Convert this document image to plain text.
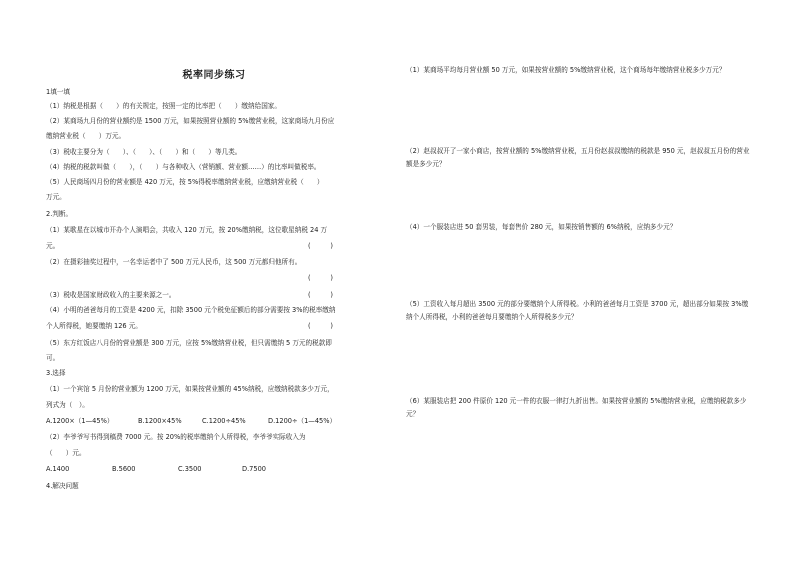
税率同步练习
1填一填
（1）纳税是根据（　　）的有关规定，按照一定的比率把（　　）缴纳给国家。
（2）某商场九月份的营业额约是 1500 万元，如果按照营业额的 5%缴营业税，这家商场九月份应
缴纳营业税（　　）万元。
（3）税收主要分为（　　）、（　　）、（　　）和（　　）等几类。
（4）纳税的税款叫做（　　），（　　）与各种收入（营销额、营业额……）的比率叫做税率。
（5）人民商场四月份的营业额是 420 万元，按 5%得税率缴纳营业税，应缴纳营业税（　　）
万元。
2.判断。
（1）某歌星在以城市开办个人演唱会，共收入 120 万元，按 20%缴纳税，这位歌星纳税 24 万
元。	(　　　)
（2）在摄彩抽奖过程中，一名幸运者中了 500 万元人民币，这 500 万元都归他所有。
(　　　)
（3）税收是国家财政收入的主要来源之一。	(　　　)
（4）小明的爸爸每月的工资是 4200 元，扣除 3500 元个税免征额后的部分需要按 3%的税率缴纳
个人所得税，她要缴纳 126 元。	(　　　)
（5）东方红饭店八月份的营业额是 300 万元，应按 5%缴纳营业税，但只需缴纳 5 万元的税款即
可。
3.选择
（1）一个宾馆 5 月份的营业额为 1200 万元，如果按营业额的 45%纳税，应缴纳税款多少万元，
列式为（　）。
A.1200×（1—45%）	B.1200×45%	C.1200÷45%	D.1200÷（1—45%）
（2）李爷爷写书得到稿费 7000 元。按 20%的税率缴纳个人所得税，李爷爷实际收入为
（　　）元。
A.1400	B.5600	C.3500	D.7500
4.解决问题
（1）某商场平均每月营业额 50 万元，如果按营业额的 5%缴纳营业税，这个商场每年缴纳营业税多少万元？
（2）赵叔叔开了一家小商店，按营业额的 5%缴纳营业税，五月份赵叔叔缴纳的税款是 950 元，赵叔叔五月份的营业额是多少元？
（4）一个服装店进 50 套男装，每套售价 280 元，如果按销售额的 6%纳税，应纳多少元？
（5）工资收入每月超出 3500 元的部分要缴纳个人所得税。小利的爸爸每月工资是 3700 元，超出部分如果按 3%缴纳个人所得税，小利的爸爸每月要缴纳个人所得税多少元？
（6）某服装店把 200 件原价 120 元一件的衣服一律打九折出售。如果按营业额的 5%缴纳营业税，应缴纳税款多少元？
